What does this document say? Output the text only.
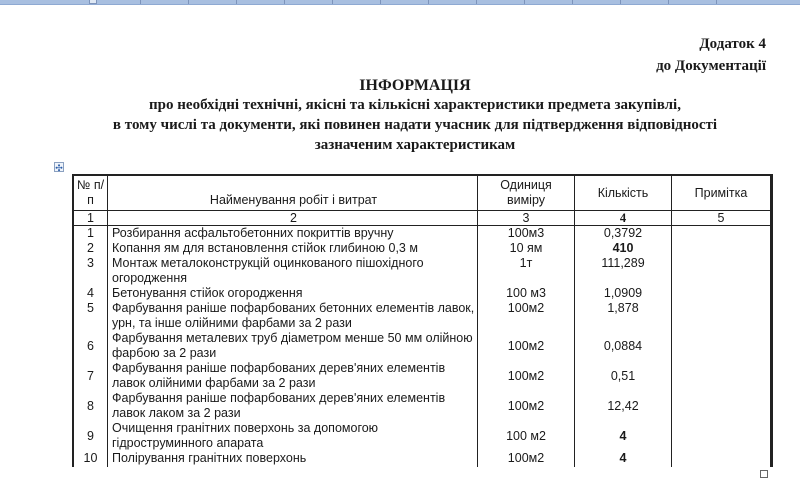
Додаток 4
до Документації
ІНФОРМАЦІЯ
про необхідні технічні, якісні та кількісні характеристики предмета закупівлі,
в тому числі та документи, які повинен надати учасник для підтвердження відповідності
зазначеним характеристикам
✣
№ п/п	Найменування робіт і витрат	Одиниця виміру	Кількість	Примітка
1	2	3	4	5
1	Розбирання асфальтобетонних покриттів вручну	100м3	0,3792	
2	Копання ям для встановлення стійок глибиною 0,3 м	10 ям	410	
3	Монтаж металоконструкцій оцинкованого пішохідного огородження	1т	111,289	
4	Бетонування стійок огородження	100 м3	1,0909	
5	Фарбування раніше пофарбованих бетонних елементів лавок, урн, та інше олійними фарбами за 2 рази	100м2	1,878	
6	Фарбування металевих труб діаметром менше 50 мм олійною фарбою за 2 рази	100м2	0,0884	
7	Фарбування раніше пофарбованих дерев'яних елементів лавок олійними фарбами за 2 рази	100м2	0,51	
8	Фарбування раніше пофарбованих дерев'яних елементів лавок лаком за 2 рази	100м2	12,42	
9	Очищення гранітних поверхонь за допомогою гідроструминного апарата	100 м2	4	
10	Полірування гранітних поверхонь	100м2	4	
